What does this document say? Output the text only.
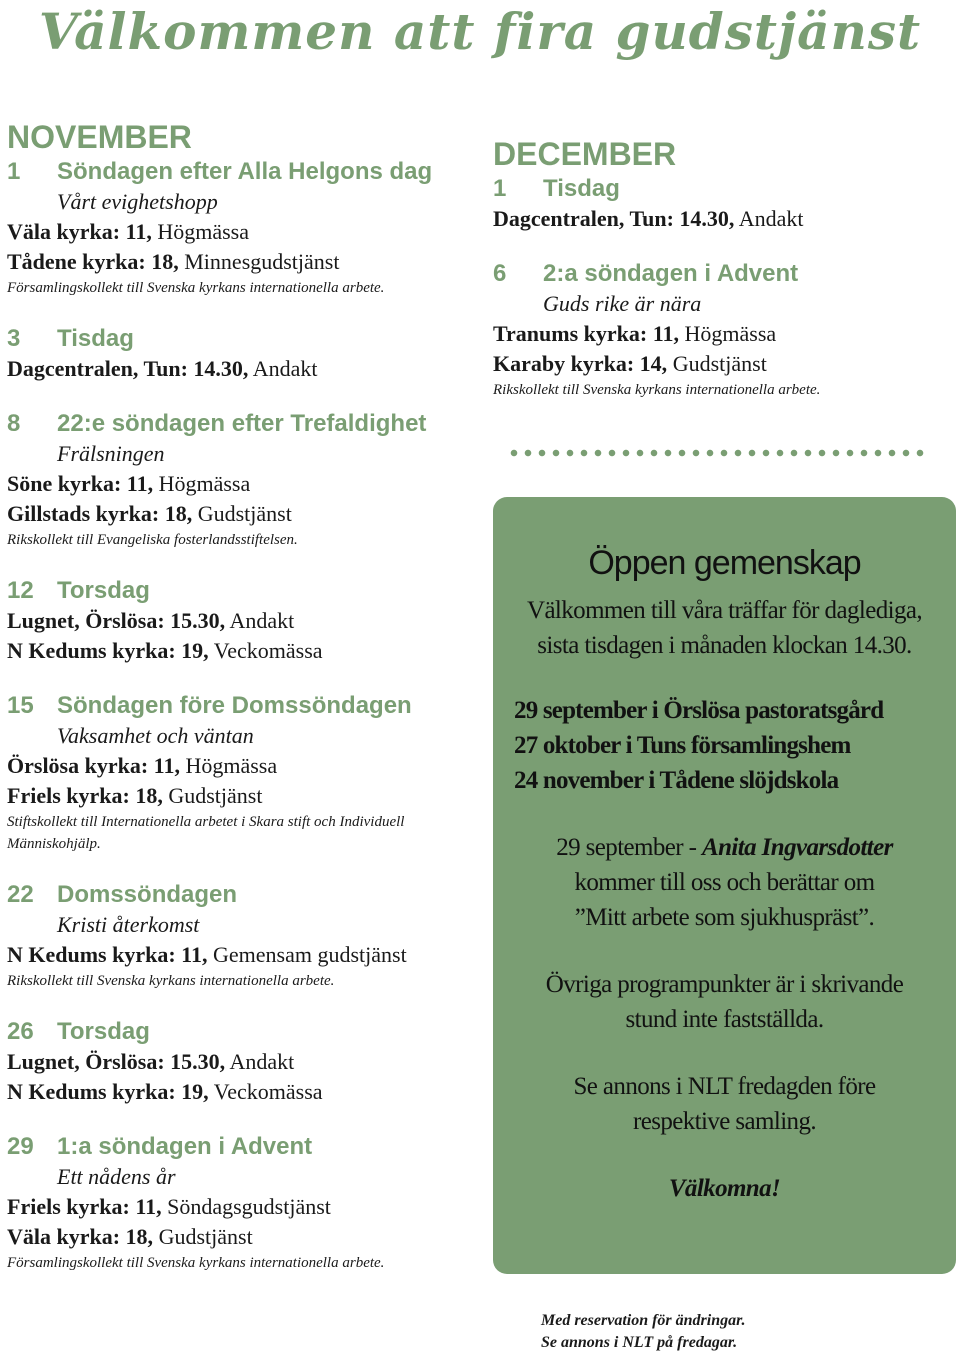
Välkommen att fira gudstjänst
NOVEMBER
1	Söndagen efter Alla Helgons dag
Vårt evighetshopp
Väla kyrka: 11, Högmässa
Tådene kyrka: 18, Minnesgudstjänst
Församlingskollekt till Svenska kyrkans internationella arbete.
3	Tisdag
Dagcentralen, Tun: 14.30, Andakt
8	22:e söndagen efter Trefaldighet
Frälsningen
Söne kyrka: 11, Högmässa
Gillstads kyrka: 18, Gudstjänst
Rikskollekt till Evangeliska fosterlandsstiftelsen.
12 Torsdag
Lugnet, Örslösa: 15.30, Andakt
N Kedums kyrka: 19, Veckomässa
15 Söndagen före Domssöndagen
Vaksamhet och väntan
Örslösa kyrka: 11, Högmässa
Friels kyrka: 18, Gudstjänst
Stiftskollekt till Internationella arbetet i Skara stift och Individuell Människohjälp.
22 Domssöndagen
Kristi återkomst
N Kedums kyrka: 11, Gemensam gudstjänst
Rikskollekt till Svenska kyrkans internationella arbete.
26 Torsdag
Lugnet, Örslösa: 15.30, Andakt
N Kedums kyrka: 19, Veckomässa
29 1:a söndagen i Advent
Ett nådens år
Friels kyrka: 11, Söndagsgudstjänst
Väla kyrka: 18, Gudstjänst
Församlingskollekt till Svenska kyrkans internationella arbete.
DECEMBER
1	Tisdag
Dagcentralen, Tun: 14.30, Andakt
6	2:a söndagen i Advent
Guds rike är nära
Tranums kyrka: 11, Högmässa
Karaby kyrka: 14, Gudstjänst
Rikskollekt till Svenska kyrkans internationella arbete.
Öppen gemenskap

Välkommen till våra träffar för daglediga,

sista tisdagen i månaden klockan 14.30.

29 september i Örslösa pastoratsgård
27 oktober i Tuns församlingshem
24 november i Tådene slöjdskola

29 september - Anita Ingvarsdotter

kommer till oss och berättar om

”Mitt arbete som sjukhuspräst”.

Övriga programpunkter är i skrivande

stund inte fastställda.

Se annons i NLT fredagden före

respektive samling.

Välkomna!

Med reservation för ändringar.
Se annons i NLT på fredagar.
